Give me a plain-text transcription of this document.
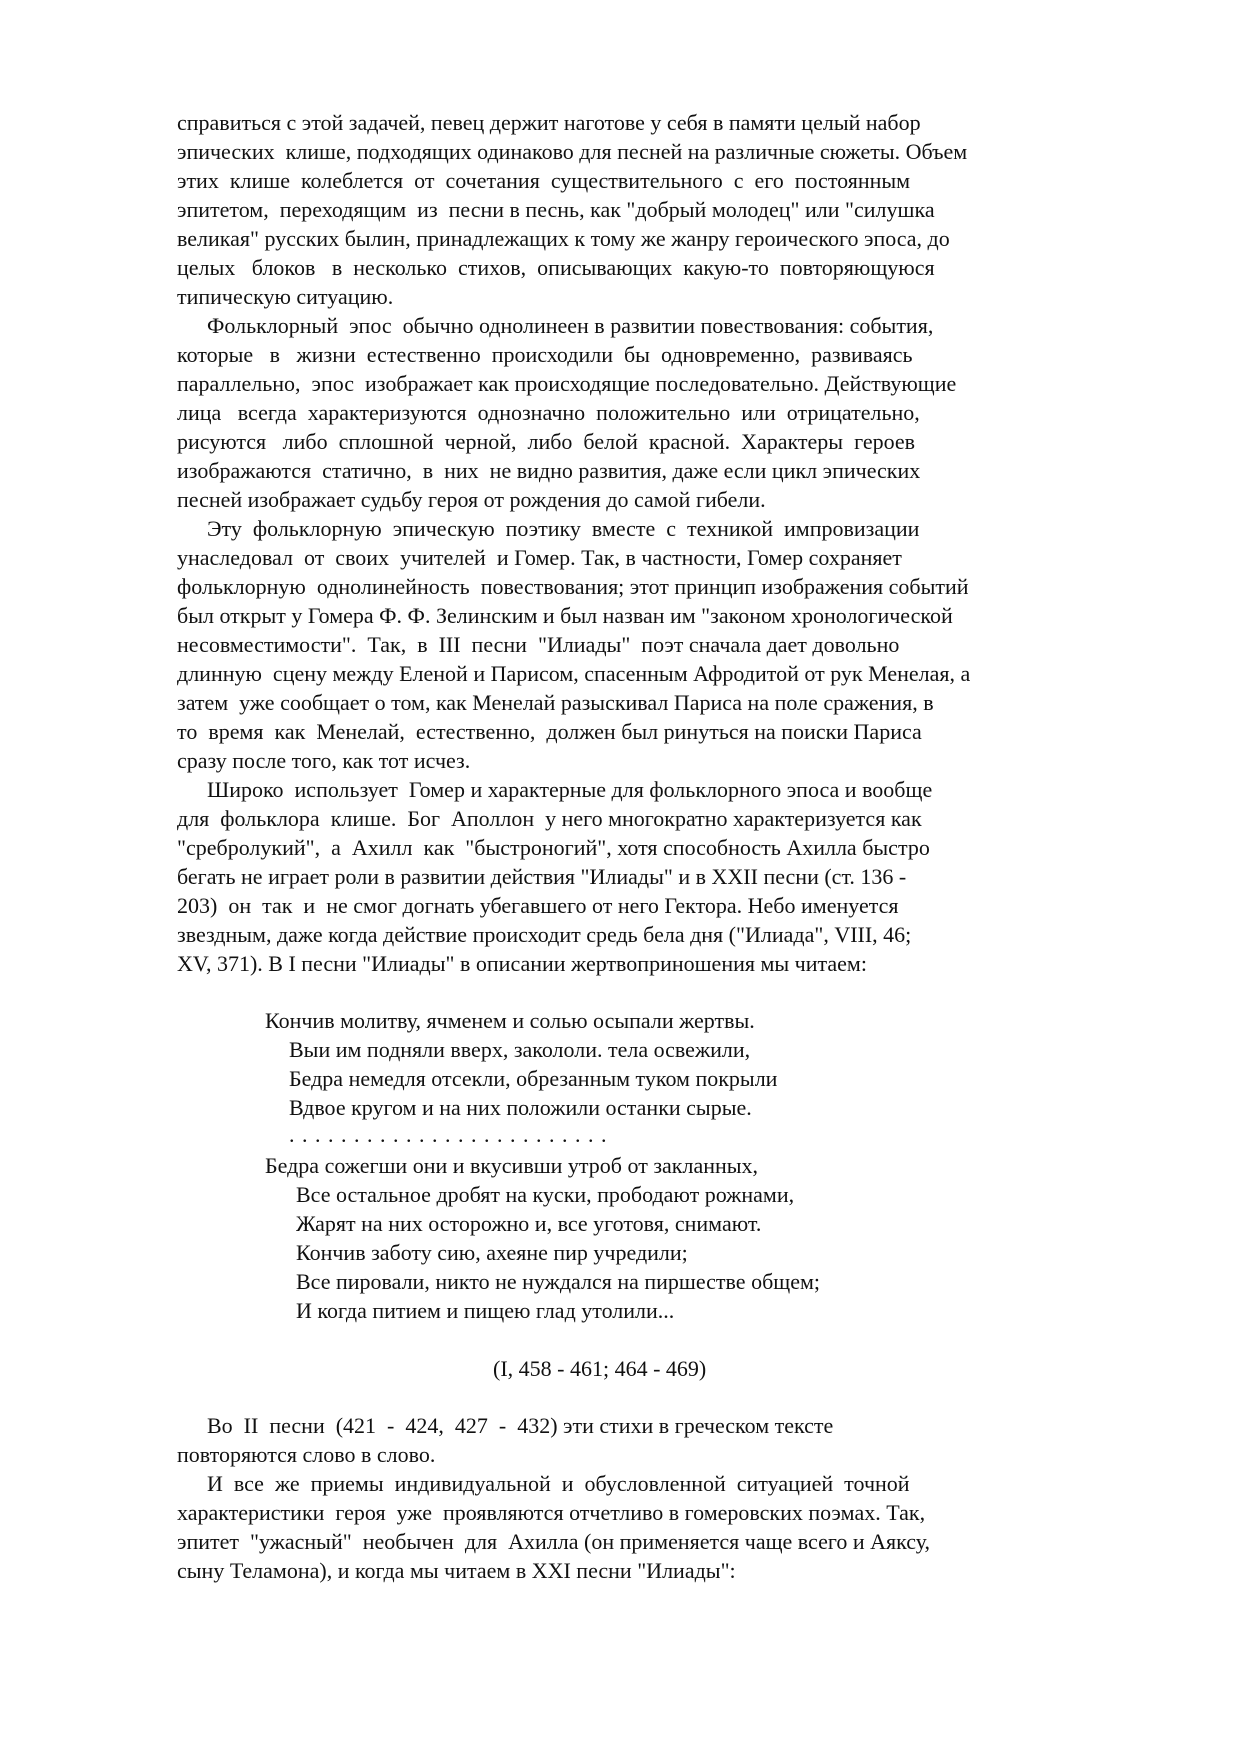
справиться с этой задачей, певец держит наготове у себя в памяти целый набор
эпических  клише, подходящих одинаково для песней на различные сюжеты. Объем
этих  клише  колеблется  от  сочетания  существительного  с  его  постоянным
эпитетом,  переходящим  из  песни в песнь, как "добрый молодец" или "силушка
великая" русских былин, принадлежащих к тому же жанру героического эпоса, до
целых   блоков   в  несколько  стихов,  описывающих  какую-то  повторяющуюся
типическую ситуацию.
Фольклорный  эпос  обычно однолинеен в развитии повествования: события,
которые   в   жизни  естественно  происходили  бы  одновременно,  развиваясь
параллельно,  эпос  изображает как происходящие последовательно. Действующие
лица   всегда  характеризуются  однозначно  положительно  или  отрицательно,
рисуются   либо  сплошной  черной,  либо  белой  красной.  Характеры  героев
изображаются  статично,  в  них  не видно развития, даже если цикл эпических
песней изображает судьбу героя от рождения до самой гибели.
Эту  фольклорную  эпическую  поэтику  вместе  с  техникой  импровизации
унаследовал  от  своих  учителей  и Гомер. Так, в частности, Гомер сохраняет
фольклорную  однолинейность  повествования; этот принцип изображения событий
был открыт у Гомера Ф. Ф. Зелинским и был назван им "законом хронологической
несовместимости".  Так,  в  III  песни  "Илиады"  поэт сначала дает довольно
длинную  сцену между Еленой и Парисом, спасенным Афродитой от рук Менелая, а
затем  уже сообщает о том, как Менелай разыскивал Париса на поле сражения, в
то  время  как  Менелай,  естественно,  должен был ринуться на поиски Париса
сразу после того, как тот исчез.
Широко  использует  Гомер и характерные для фольклорного эпоса и вообще
для  фольклора  клише.  Бог  Аполлон  у него многократно характеризуется как
"сребролукий",  а  Ахилл  как  "быстроногий", хотя способность Ахилла быстро
бегать не играет роли в развитии действия "Илиады" и в XXII песни (ст. 136 -
203)  он  так  и  не смог догнать убегавшего от него Гектора. Небо именуется
звездным, даже когда действие происходит средь бела дня ("Илиада", VIII, 46;
XV, 371). В I песни "Илиады" в описании жертвоприношения мы читаем:
Кончив молитву, ячменем и солью осыпали жертвы.
Выи им подняли вверх, закололи. тела освежили,
Бедра немедля отсекли, обрезанным туком покрыли
Вдвое кругом и на них положили останки сырые.
. . . . . . . . . . . . . . . . . . . . . . . . .
Бедра сожегши они и вкусивши утроб от закланных,
Все остальное дробят на куски, прободают рожнами,
Жарят на них осторожно и, все уготовя, снимают.
Кончив заботу сию, ахеяне пир учредили;
Все пировали, никто не нуждался на пиршестве общем;
И когда питием и пищею глад утолили...
(I, 458 - 461; 464 - 469)
Во  II  песни  (421  -  424,  427  -  432) эти стихи в греческом тексте
повторяются слово в слово.
И  все  же  приемы  индивидуальной  и  обусловленной  ситуацией  точной
характеристики  героя  уже  проявляются отчетливо в гомеровских поэмах. Так,
эпитет  "ужасный"  необычен  для  Ахилла (он применяется чаще всего и Аяксу,
сыну Теламона), и когда мы читаем в XXI песни "Илиады":
